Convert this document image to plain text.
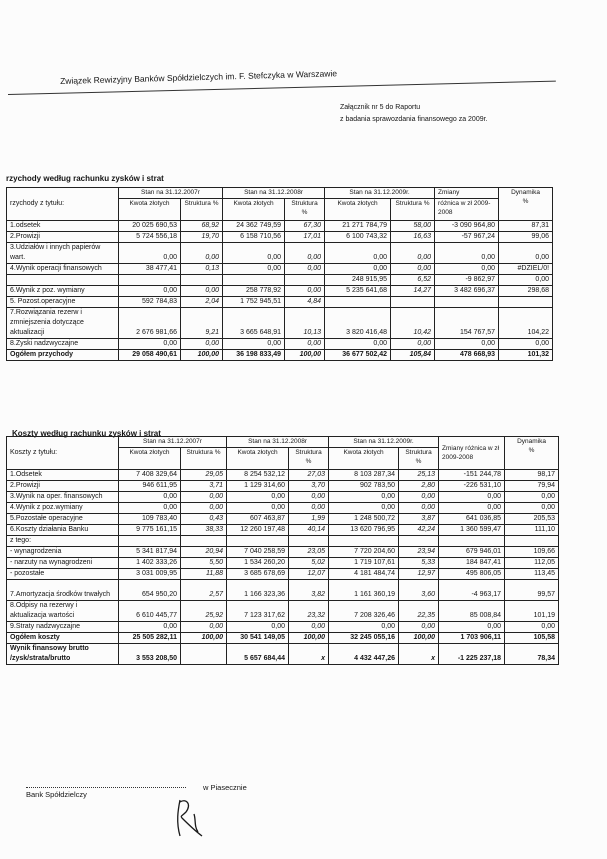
Związek Rewizyjny Banków Spółdzielczych im. F. Stefczyka w Warszawie
Załącznik nr 5 do Raportu
z badania sprawozdania finansowego za 2009r.
rzychody według rachunku zysków i strat
rzychody z tytułu:	Stan na 31.12.2007r		Stan na 31.12.2008r		Stan na 31.12.2009r.		Zmiany	Dynamika
%

	Kwota złotych	Struktura %	Kwota złotych	Struktura %	Kwota złotych	Struktura %	różnica w zł 2009-2008	
1.odsetek	20 025 690,53	68,92	24 362 749,59	67,30	21 271 784,79	58,00	-3 090 964,80	87,31
2.Prowizji	5 724 556,18	19,70	6 158 710,56	17,01	6 100 743,32	16,63	-57 967,24	99,06
3.Udziałów i innych papierów wart.	0,00	0,00	0,00	0,00	0,00	0,00	0,00	0,00
4.Wynik operacji finansowych	38 477,41	0,13	0,00	0,00	0,00	0,00	0,00	#DZIEL/0!
					248 915,95	6,52	-9 862,97	0,00
6.Wynik z poz. wymiany	0,00	0,00	258 778,92	0,00	5 235 641,68	14,27	3 482 696,37	298,68
5. Pozost.operacyjne	592 784,83	2,04	1 752 945,51	4,84				
7.Rozwiązania rezerw i zmniejszenia dotyczące aktualizacji	2 676 981,66	9,21	3 665 648,91	10,13	3 820 416,48	10,42	154 767,57	104,22
8.Zyski nadzwyczajne	0,00	0,00	0,00	0,00	0,00	0,00	0,00	0,00
Ogółem przychody	29 058 490,61	100,00	36 198 833,49	100,00	36 677 502,42	105,84	478 668,93	101,32
Koszty według rachunku zysków i strat
Koszty z tytułu:	Stan na 31.12.2007r		Stan na 31.12.2008r		Stan na 31.12.2009r.		Zmiany różnica w zł 2009-2008	Dynamika
%

	Kwota złotych	Struktura %	Kwota złotych	Struktura %	Kwota złotych	Struktura %		
1.Odsetek	7 408 329,64	29,05	8 254 532,12	27,03	8 103 287,34	25,13	-151 244,78	98,17
2.Prowizji	946 611,95	3,71	1 129 314,60	3,70	902 783,50	2,80	-226 531,10	79,94
3.Wynik na oper. finansowych	0,00	0,00	0,00	0,00	0,00	0,00	0,00	0,00
4.Wynik z poz.wymiany	0,00	0,00	0,00	0,00	0,00	0,00	0,00	0,00
5.Pozostałe operacyjne	109 783,40	0,43	607 463,87	1,99	1 248 500,72	3,87	641 036,85	205,53
6.Koszty działania Banku	9 775 161,15	38,33	12 260 197,48	40,14	13 620 796,95	42,24	1 360 599,47	111,10
z tego:								
- wynagrodzenia	5 341 817,94	20,94	7 040 258,59	23,05	7 720 204,60	23,94	679 946,01	109,66
- narzuty na wynagrodzeni	1 402 333,26	5,50	1 534 260,20	5,02	1 719 107,61	5,33	184 847,41	112,05
- pozostałe	3 031 009,95	11,88	3 685 678,69	12,07	4 181 484,74	12,97	495 806,05	113,45
7.Amortyzacja środków trwałych	654 950,20	2,57	1 166 323,36	3,82	1 161 360,19	3,60	-4 963,17	99,57
8.Odpisy na rezerwy i aktualizacja wartości	6 610 445,77	25,92	7 123 317,62	23,32	7 208 326,46	22,35	85 008,84	101,19
9.Straty nadzwyczajne	0,00	0,00	0,00	0,00	0,00	0,00	0,00	0,00
Ogółem koszty	25 505 282,11	100,00	30 541 149,05	100,00	32 245 055,16	100,00	1 703 906,11	105,58
Wynik finansowy brutto /zysk/strata/brutto	3 553 208,50		5 657 684,44	x	4 432 447,26	x	-1 225 237,18	78,34
Bank Spółdzielczy
w Piasecznie
